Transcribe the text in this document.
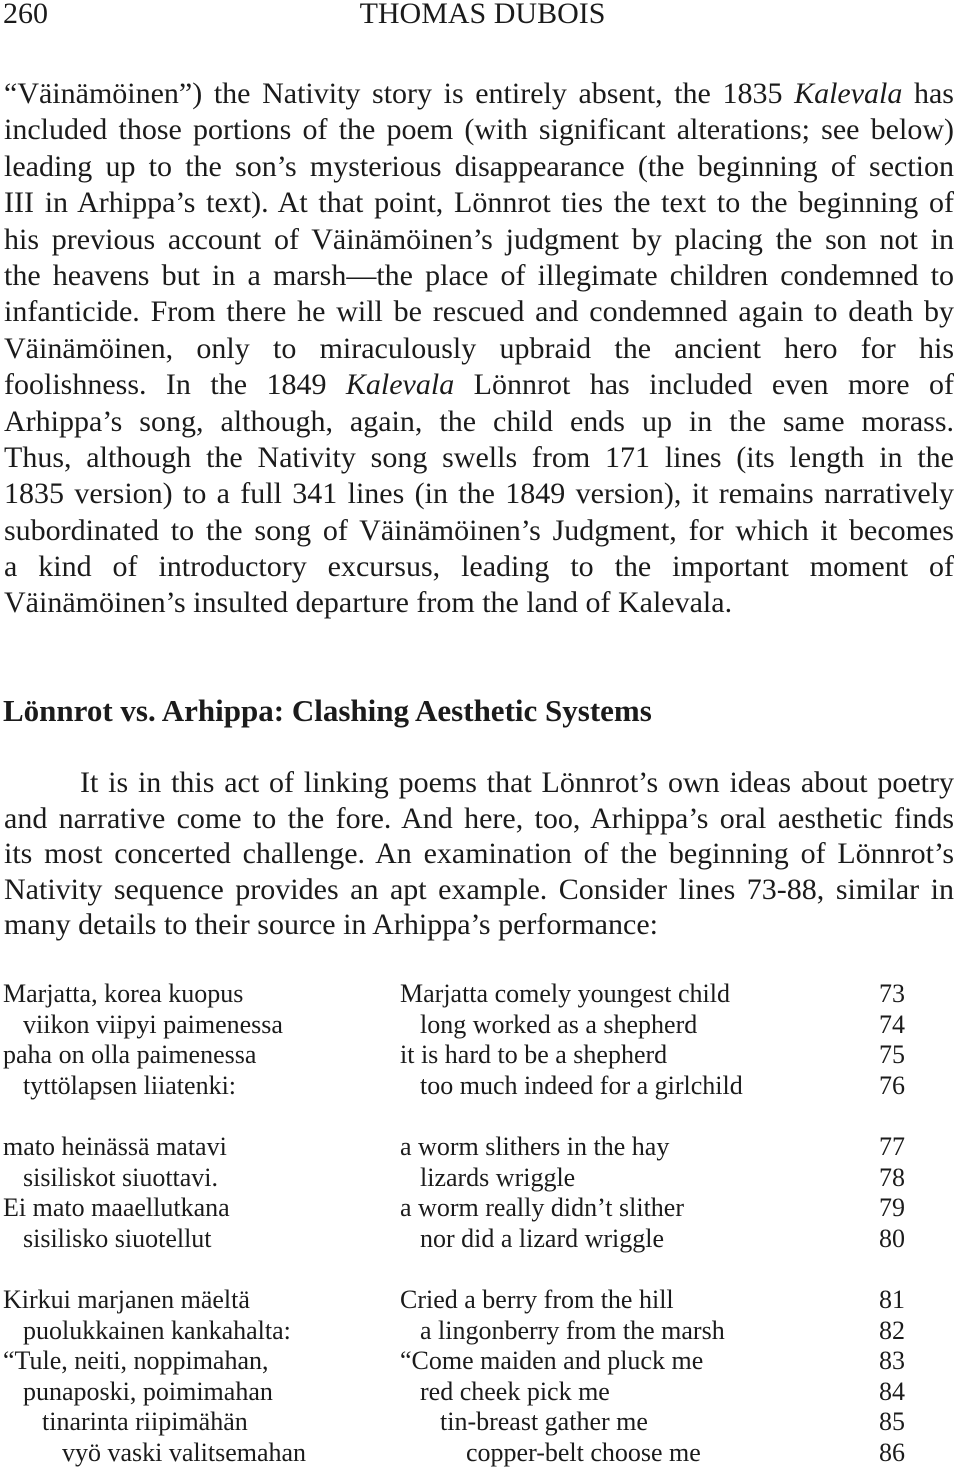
260	THOMAS DUBOIS
“Väinämöinen”) the Nativity story is entirely absent, the 1835 Kalevala has
included those portions of the poem (with significant alterations; see below)
leading up to the son’s mysterious disappearance (the beginning of section
III in Arhippa’s text). At that point, Lönnrot ties the text to the beginning of
his previous account of Väinämöinen’s judgment by placing the son not in
the heavens but in a marsh—the place of illegimate children condemned to
infanticide. From there he will be rescued and condemned again to death by
Väinämöinen, only to miraculously upbraid the ancient hero for his
foolishness. In the 1849 Kalevala Lönnrot has included even more of
Arhippa’s song, although, again, the child ends up in the same morass.
Thus, although the Nativity song swells from 171 lines (its length in the
1835 version) to a full 341 lines (in the 1849 version), it remains narratively
subordinated to the song of Väinämöinen’s Judgment, for which it becomes
a kind of introductory excursus, leading to the important moment of
Väinämöinen’s insulted departure from the land of Kalevala.
Lönnrot vs. Arhippa: Clashing Aesthetic Systems
It is in this act of linking poems that Lönnrot’s own ideas about poetry
and narrative come to the fore. And here, too, Arhippa’s oral aesthetic finds
its most concerted challenge. An examination of the beginning of Lönnrot’s
Nativity sequence provides an apt example. Consider lines 73-88, similar in
many details to their source in Arhippa’s performance:
Marjatta, korea kuopus	Marjatta comely youngest child	73
viikon viipyi paimenessa	long worked as a shepherd	74
paha on olla paimenessa	it is hard to be a shepherd	75
tyttölapsen liiatenki:	too much indeed for a girlchild	76
mato heinässä matavi	a worm slithers in the hay	77
sisiliskot siuottavi.	lizards wriggle	78
Ei mato maaellutkana	a worm really didn’t slither	79
sisilisko siuotellut	nor did a lizard wriggle	80
Kirkui marjanen mäeltä	Cried a berry from the hill	81
puolukkainen kankahalta:	a lingonberry from the marsh	82
“Tule, neiti, noppimahan,	“Come maiden and pluck me	83
punaposki, poimimahan	red cheek pick me	84
tinarinta riipimähän	tin-breast gather me	85
vyö vaski valitsemahan	copper-belt choose me	86
